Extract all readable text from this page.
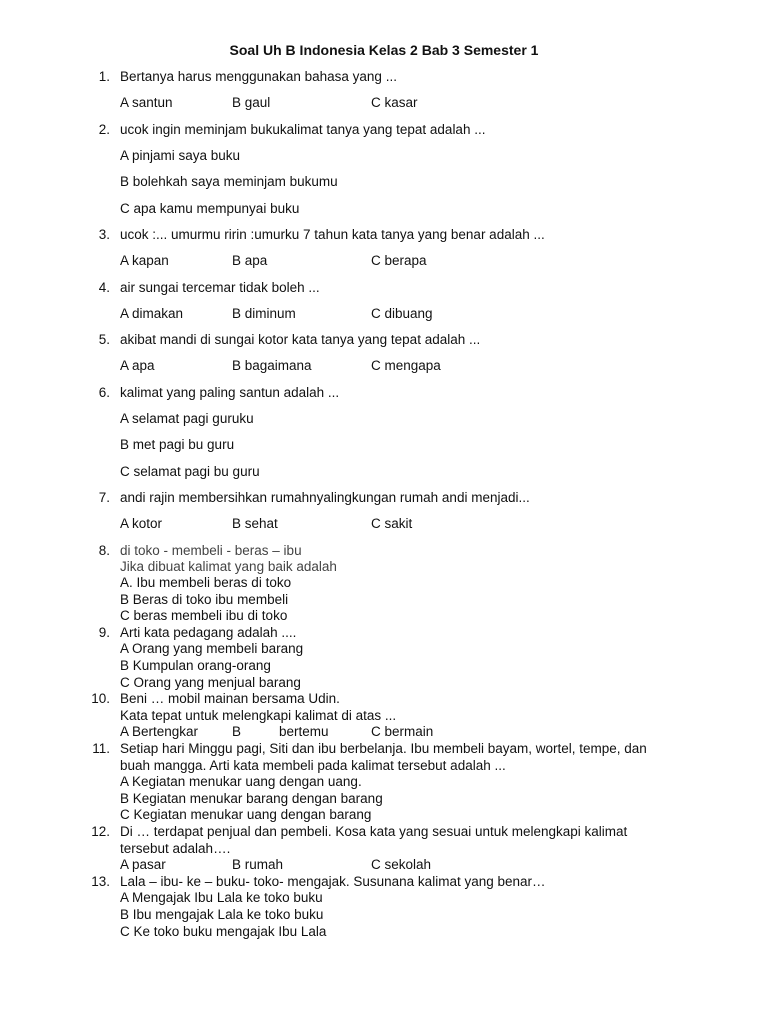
Soal Uh B Indonesia Kelas 2 Bab 3 Semester 1
1. Bertanya harus menggunakan bahasa yang ...
A santun	B gaul	C kasar
2. ucok ingin meminjam bukukalimat tanya yang tepat adalah ...
A pinjami saya buku
B bolehkah saya meminjam bukumu
C apa kamu mempunyai buku
3. ucok :... umurmu ririn :umurku 7 tahun kata tanya yang benar adalah ...
A kapan	B apa	C berapa
4. air sungai tercemar tidak boleh ...
A dimakan	B diminum	C dibuang
5. akibat mandi di sungai kotor kata tanya yang tepat adalah ...
A apa	B bagaimana	C mengapa
6. kalimat yang paling santun adalah ...
A selamat pagi guruku
B met pagi bu guru
C selamat pagi bu guru
7. andi rajin membersihkan rumahnyalingkungan rumah andi menjadi...
A kotor	B sehat	C sakit
8. di toko - membeli - beras – ibu
Jika dibuat kalimat yang baik adalah
A. Ibu membeli beras di toko
B Beras di toko ibu membeli
C beras membeli ibu di toko
9. Arti kata pedagang adalah ....
A Orang yang membeli barang
B Kumpulan orang-orang
C Orang yang menjual barang
10. Beni … mobil mainan bersama Udin.
Kata tepat untuk melengkapi kalimat di atas ...
A Bertengkar	B	bertemu	C bermain
11. Setiap hari Minggu pagi, Siti dan ibu berbelanja. Ibu membeli bayam, wortel, tempe, dan
buah mangga. Arti kata membeli pada kalimat tersebut adalah ...
A Kegiatan menukar uang dengan uang.
B Kegiatan menukar barang dengan barang
C Kegiatan menukar uang dengan barang
12. Di … terdapat penjual dan pembeli. Kosa kata yang sesuai untuk melengkapi kalimat
tersebut adalah….
A pasar	B rumah	C sekolah
13. Lala – ibu- ke – buku- toko- mengajak. Susunana kalimat yang benar…
A Mengajak Ibu Lala ke toko buku
B Ibu mengajak Lala ke toko buku
C Ke toko buku mengajak Ibu Lala
